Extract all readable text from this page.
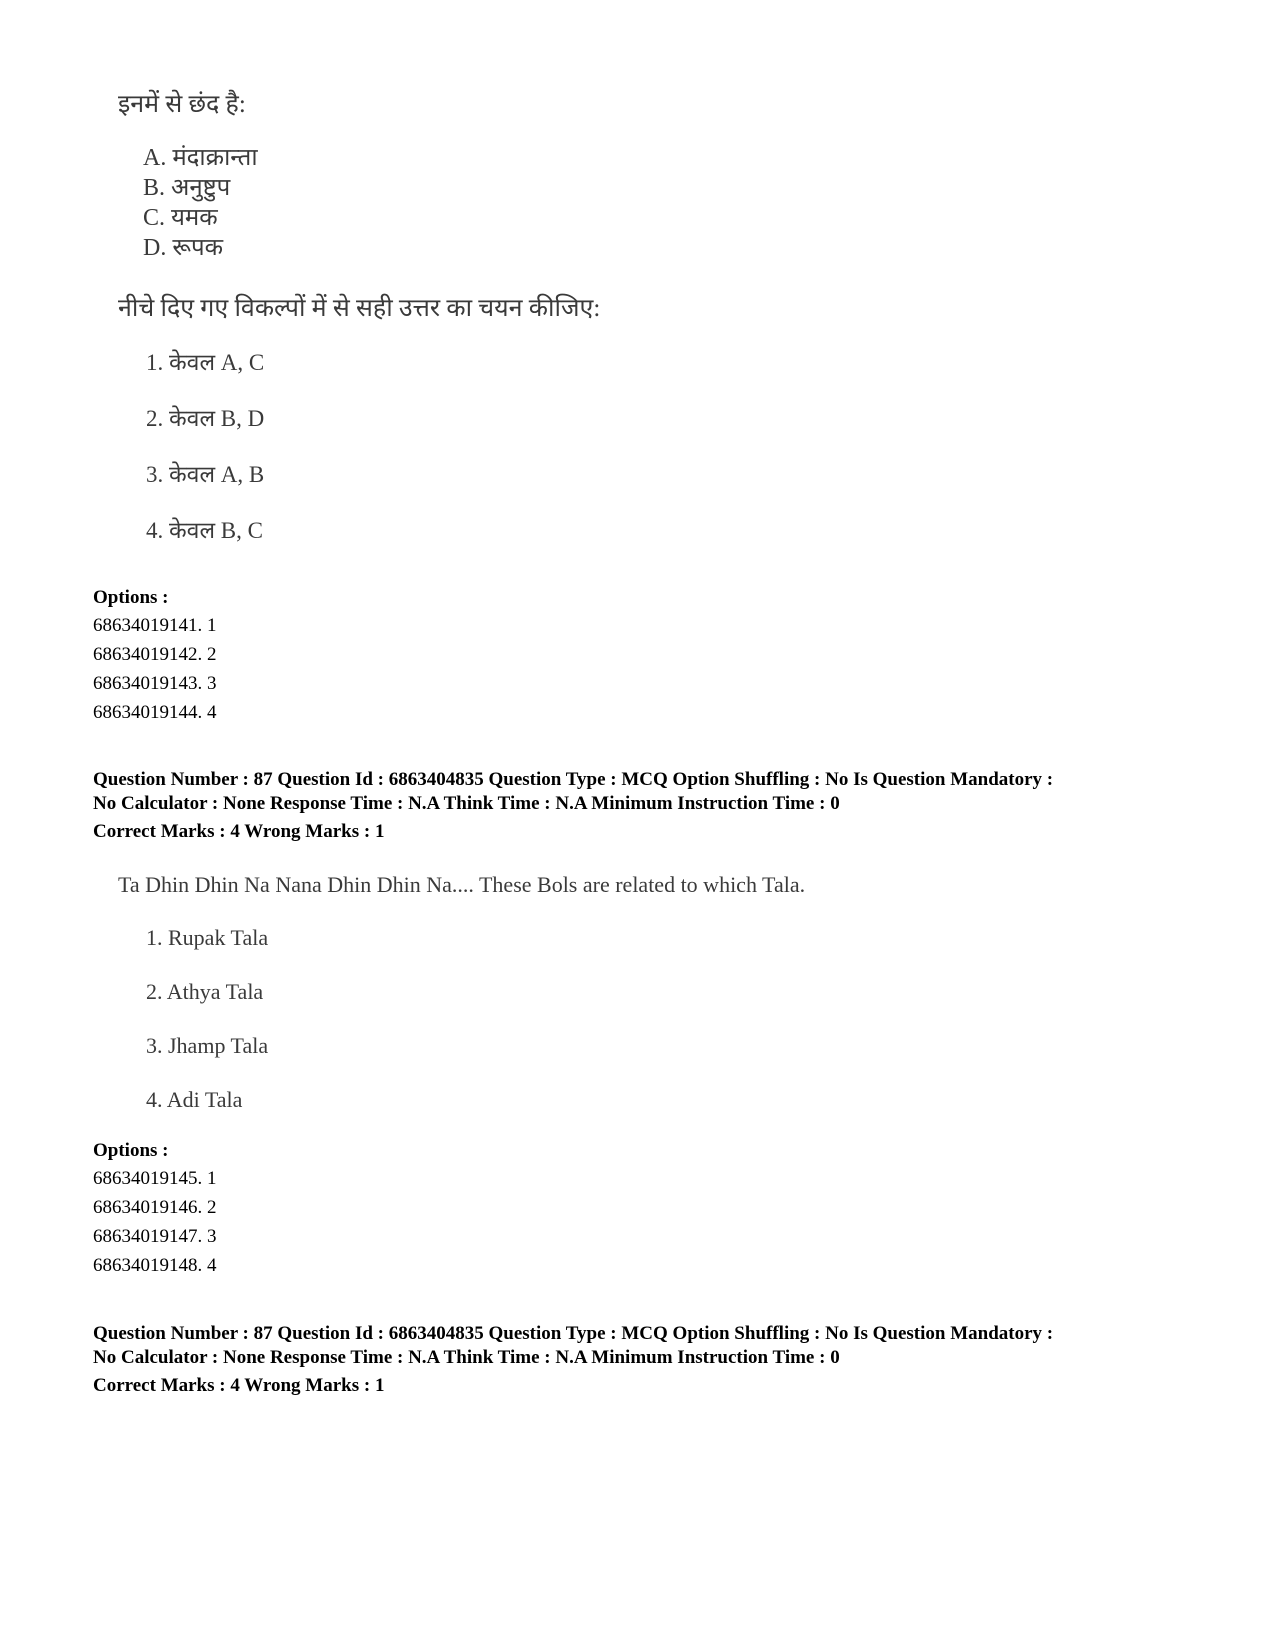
इनमें से छंद है:
A. मंदाक्रान्ता
B. अनुष्टुप
C. यमक
D. रूपक
नीचे दिए गए विकल्पों में से सही उत्तर का चयन कीजिए:
1. केवल A, C
2. केवल B, D
3. केवल A, B
4. केवल B, C
Options :
68634019141. 1
68634019142. 2
68634019143. 3
68634019144. 4
Question Number : 87 Question Id : 6863404835 Question Type : MCQ Option Shuffling : No Is Question Mandatory :
No Calculator : None Response Time : N.A Think Time : N.A Minimum Instruction Time : 0
Correct Marks : 4 Wrong Marks : 1
Ta Dhin Dhin Na Nana Dhin Dhin Na.... These Bols are related to which Tala.
1. Rupak Tala
2. Athya Tala
3. Jhamp Tala
4. Adi Tala
Options :
68634019145. 1
68634019146. 2
68634019147. 3
68634019148. 4
Question Number : 87 Question Id : 6863404835 Question Type : MCQ Option Shuffling : No Is Question Mandatory :
No Calculator : None Response Time : N.A Think Time : N.A Minimum Instruction Time : 0
Correct Marks : 4 Wrong Marks : 1
